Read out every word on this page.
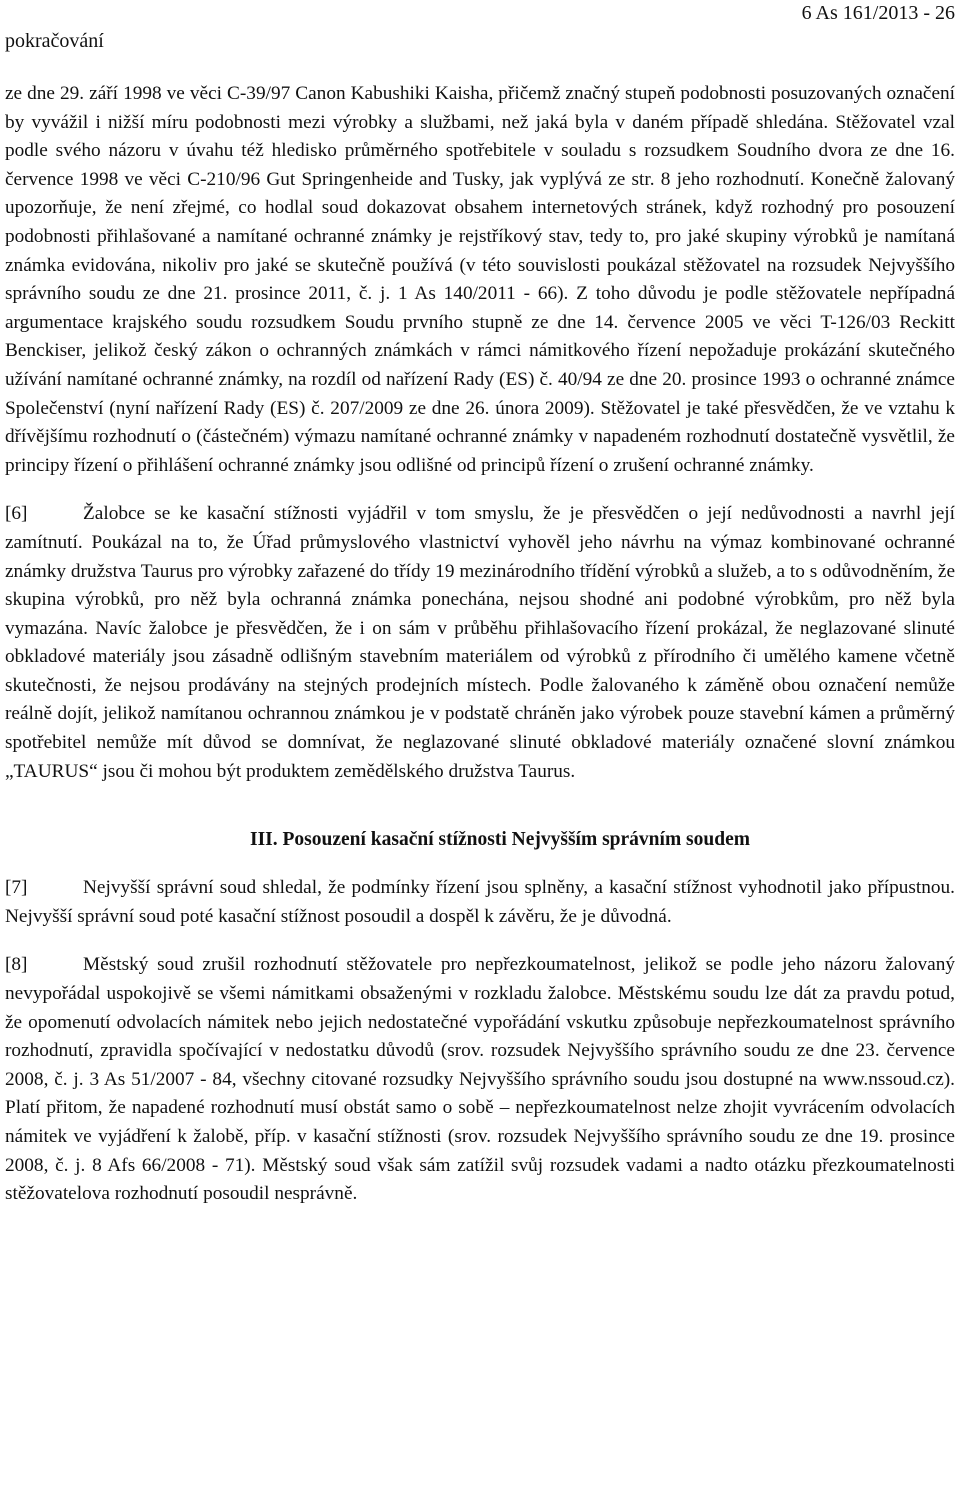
pokračování
6 As 161/2013 - 26

ze dne 29. září 1998 ve věci C-39/97 Canon Kabushiki Kaisha, přičemž značný stupeň podobnosti posuzovaných označení by vyvážil i nižší míru podobnosti mezi výrobky a službami, než jaká byla v daném případě shledána. Stěžovatel vzal podle svého názoru v úvahu též hledisko průměrného spotřebitele v souladu s rozsudkem Soudního dvora ze dne 16. července 1998 ve věci C-210/96 Gut Springenheide and Tusky, jak vyplývá ze str. 8 jeho rozhodnutí. Konečně žalovaný upozorňuje, že není zřejmé, co hodlal soud dokazovat obsahem internetových stránek, když rozhodný pro posouzení podobnosti přihlašované a namítané ochranné známky je rejstříkový stav, tedy to, pro jaké skupiny výrobků je namítaná známka evidována, nikoliv pro jaké se skutečně používá (v této souvislosti poukázal stěžovatel na rozsudek Nejvyššího správního soudu ze dne 21. prosince 2011, č. j. 1 As 140/2011 - 66). Z toho důvodu je podle stěžovatele nepřípadná argumentace krajského soudu rozsudkem Soudu prvního stupně ze dne 14. července 2005 ve věci T-126/03 Reckitt Benckiser, jelikož český zákon o ochranných známkách v rámci námitkového řízení nepožaduje prokázání skutečného užívání namítané ochranné známky, na rozdíl od nařízení Rady (ES) č. 40/94 ze dne 20. prosince 1993 o ochranné známce Společenství (nyní nařízení Rady (ES) č. 207/2009 ze dne 26. února 2009). Stěžovatel je také přesvědčen, že ve vztahu k dřívějšímu rozhodnutí o (částečném) výmazu namítané ochranné známky v napadeném rozhodnutí dostatečně vysvětlil, že principy řízení o přihlášení ochranné známky jsou odlišné od principů řízení o zrušení ochranné známky.

[6]	Žalobce se ke kasační stížnosti vyjádřil v tom smyslu, že je přesvědčen o její nedůvodnosti a navrhl její zamítnutí. Poukázal na to, že Úřad průmyslového vlastnictví vyhověl jeho návrhu na výmaz kombinované ochranné známky družstva Taurus pro výrobky zařazené do třídy 19 mezinárodního třídění výrobků a služeb, a to s odůvodněním, že skupina výrobků, pro něž byla ochranná známka ponechána, nejsou shodné ani podobné výrobkům, pro něž byla vymazána. Navíc žalobce je přesvědčen, že i on sám v průběhu přihlašovacího řízení prokázal, že neglazované slinuté obkladové materiály jsou zásadně odlišným stavebním materiálem od výrobků z přírodního či umělého kamene včetně skutečnosti, že nejsou prodávány na stejných prodejních místech. Podle žalovaného k záměně obou označení nemůže reálně dojít, jelikož namítanou ochrannou známkou je v podstatě chráněn jako výrobek pouze stavební kámen a průměrný spotřebitel nemůže mít důvod se domnívat, že neglazované slinuté obkladové materiály označené slovní známkou „TAURUS“ jsou či mohou být produktem zemědělského družstva Taurus.

III. Posouzení kasační stížnosti Nejvyšším správním soudem

[7]	Nejvyšší správní soud shledal, že podmínky řízení jsou splněny, a kasační stížnost vyhodnotil jako přípustnou. Nejvyšší správní soud poté kasační stížnost posoudil a dospěl k závěru, že je důvodná.

[8]	Městský soud zrušil rozhodnutí stěžovatele pro nepřezkoumatelnost, jelikož se podle jeho názoru žalovaný nevypořádal uspokojivě se všemi námitkami obsaženými v rozkladu žalobce. Městskému soudu lze dát za pravdu potud, že opomenutí odvolacích námitek nebo jejich nedostatečné vypořádání vskutku způsobuje nepřezkoumatelnost správního rozhodnutí, zpravidla spočívající v nedostatku důvodů (srov. rozsudek Nejvyššího správního soudu ze dne 23. července 2008, č. j. 3 As 51/2007 - 84, všechny citované rozsudky Nejvyššího správního soudu jsou dostupné na www.nssoud.cz). Platí přitom, že napadené rozhodnutí musí obstát samo o sobě – nepřezkoumatelnost nelze zhojit vyvrácením odvolacích námitek ve vyjádření k žalobě, příp. v kasační stížnosti (srov. rozsudek Nejvyššího správního soudu ze dne 19. prosince 2008, č. j. 8 Afs 66/2008 - 71). Městský soud však sám zatížil svůj rozsudek vadami a nadto otázku přezkoumatelnosti stěžovatelova rozhodnutí posoudil nesprávně.
